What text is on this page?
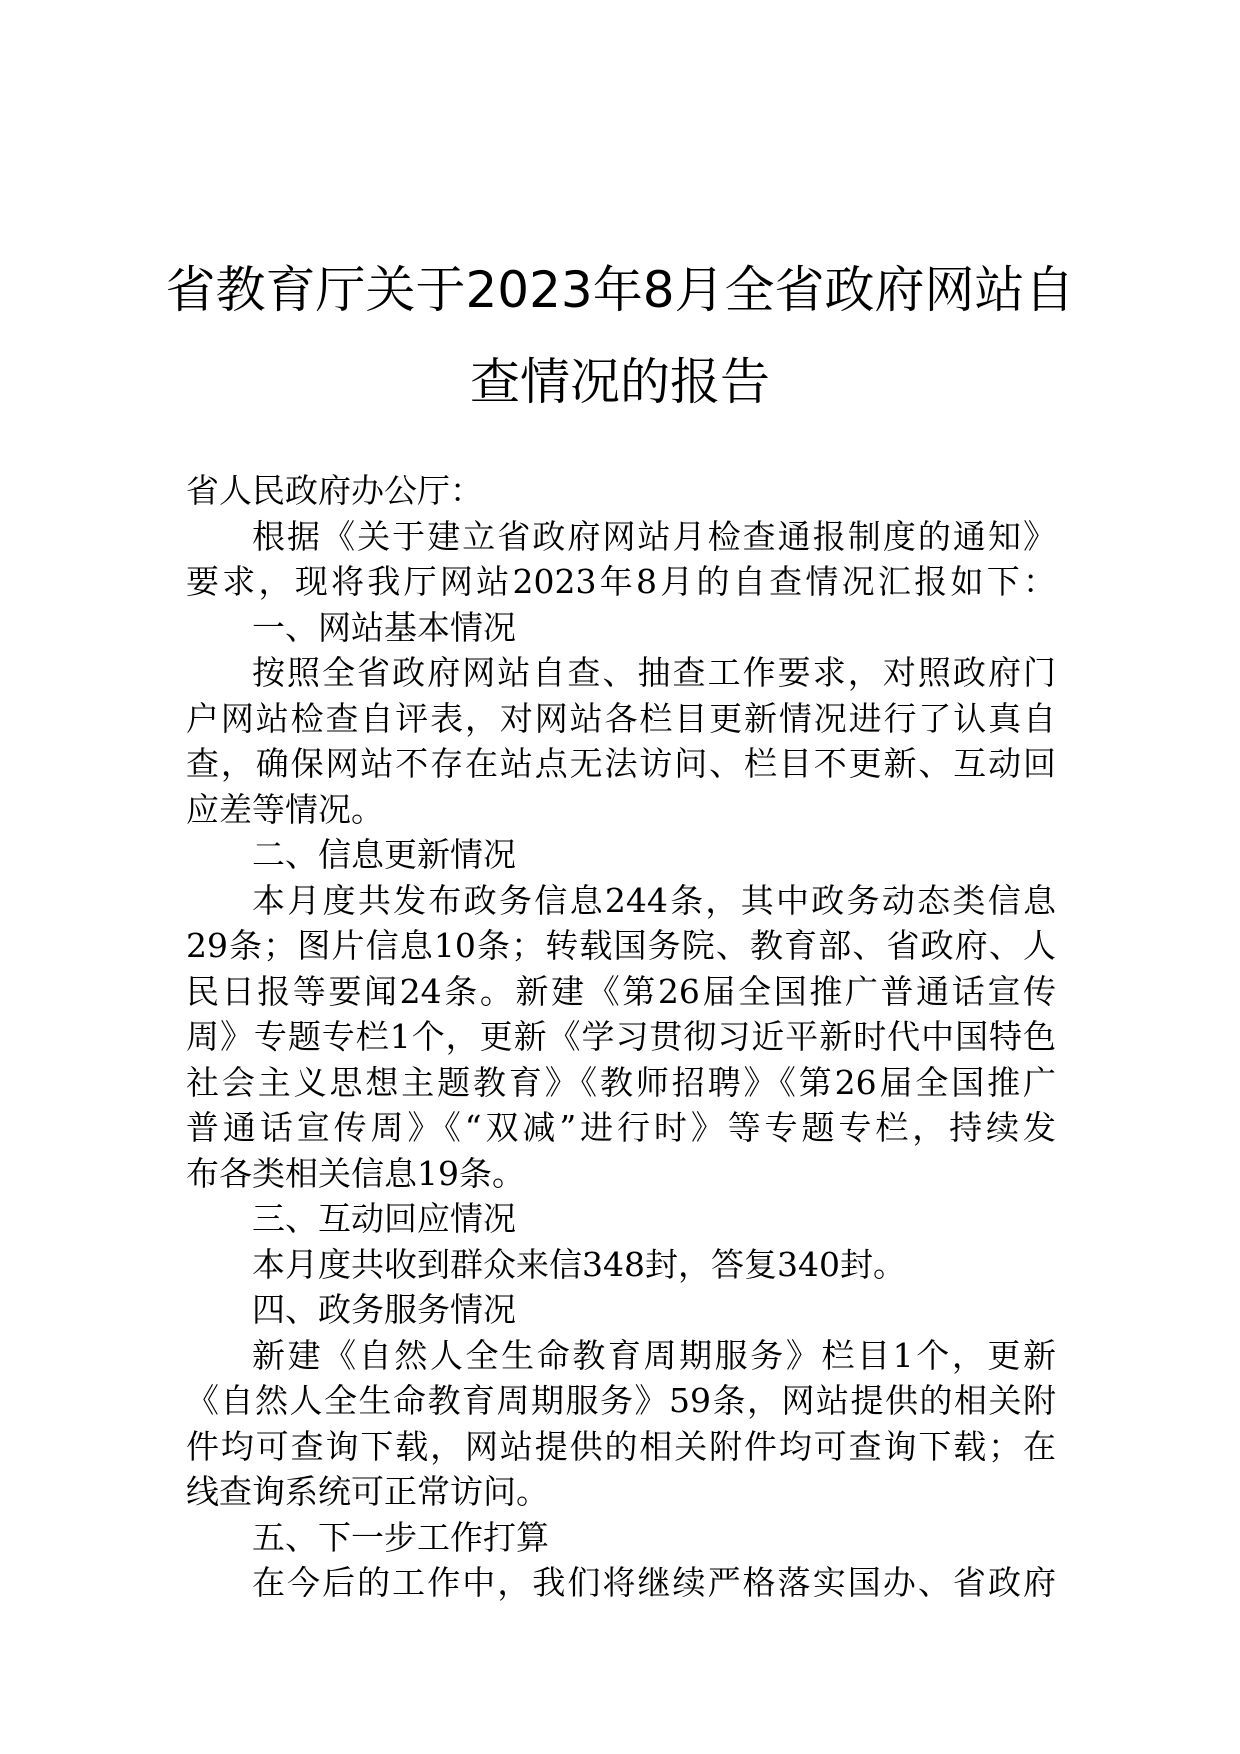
省教育厅关于2023年8月全省政府网站自
查情况的报告

省人民政府办公厅：

根据《关于建立省政府网站月检查通报制度的通知》
要求，现将我厅网站2023年8月的自查情况汇报如下：

一、网站基本情况

按照全省政府网站自查、抽查工作要求，对照政府门
户网站检查自评表，对网站各栏目更新情况进行了认真自
查，确保网站不存在站点无法访问、栏目不更新、互动回
应差等情况。

二、信息更新情况

本月度共发布政务信息244条，其中政务动态类信息
29条；图片信息10条；转载国务院、教育部、省政府、人
民日报等要闻24条。新建《第26届全国推广普通话宣传
周》专题专栏1个，更新《学习贯彻习近平新时代中国特色
社会主义思想主题教育》《教师招聘》《第26届全国推广
普通话宣传周》《“双减”进行时》等专题专栏，持续发
布各类相关信息19条。

三、互动回应情况

本月度共收到群众来信348封，答复340封。

四、政务服务情况

新建《自然人全生命教育周期服务》栏目1个，更新
《自然人全生命教育周期服务》59条，网站提供的相关附
件均可查询下载，网站提供的相关附件均可查询下载；在
线查询系统可正常访问。

五、下一步工作打算

在今后的工作中，我们将继续严格落实国办、省政府
